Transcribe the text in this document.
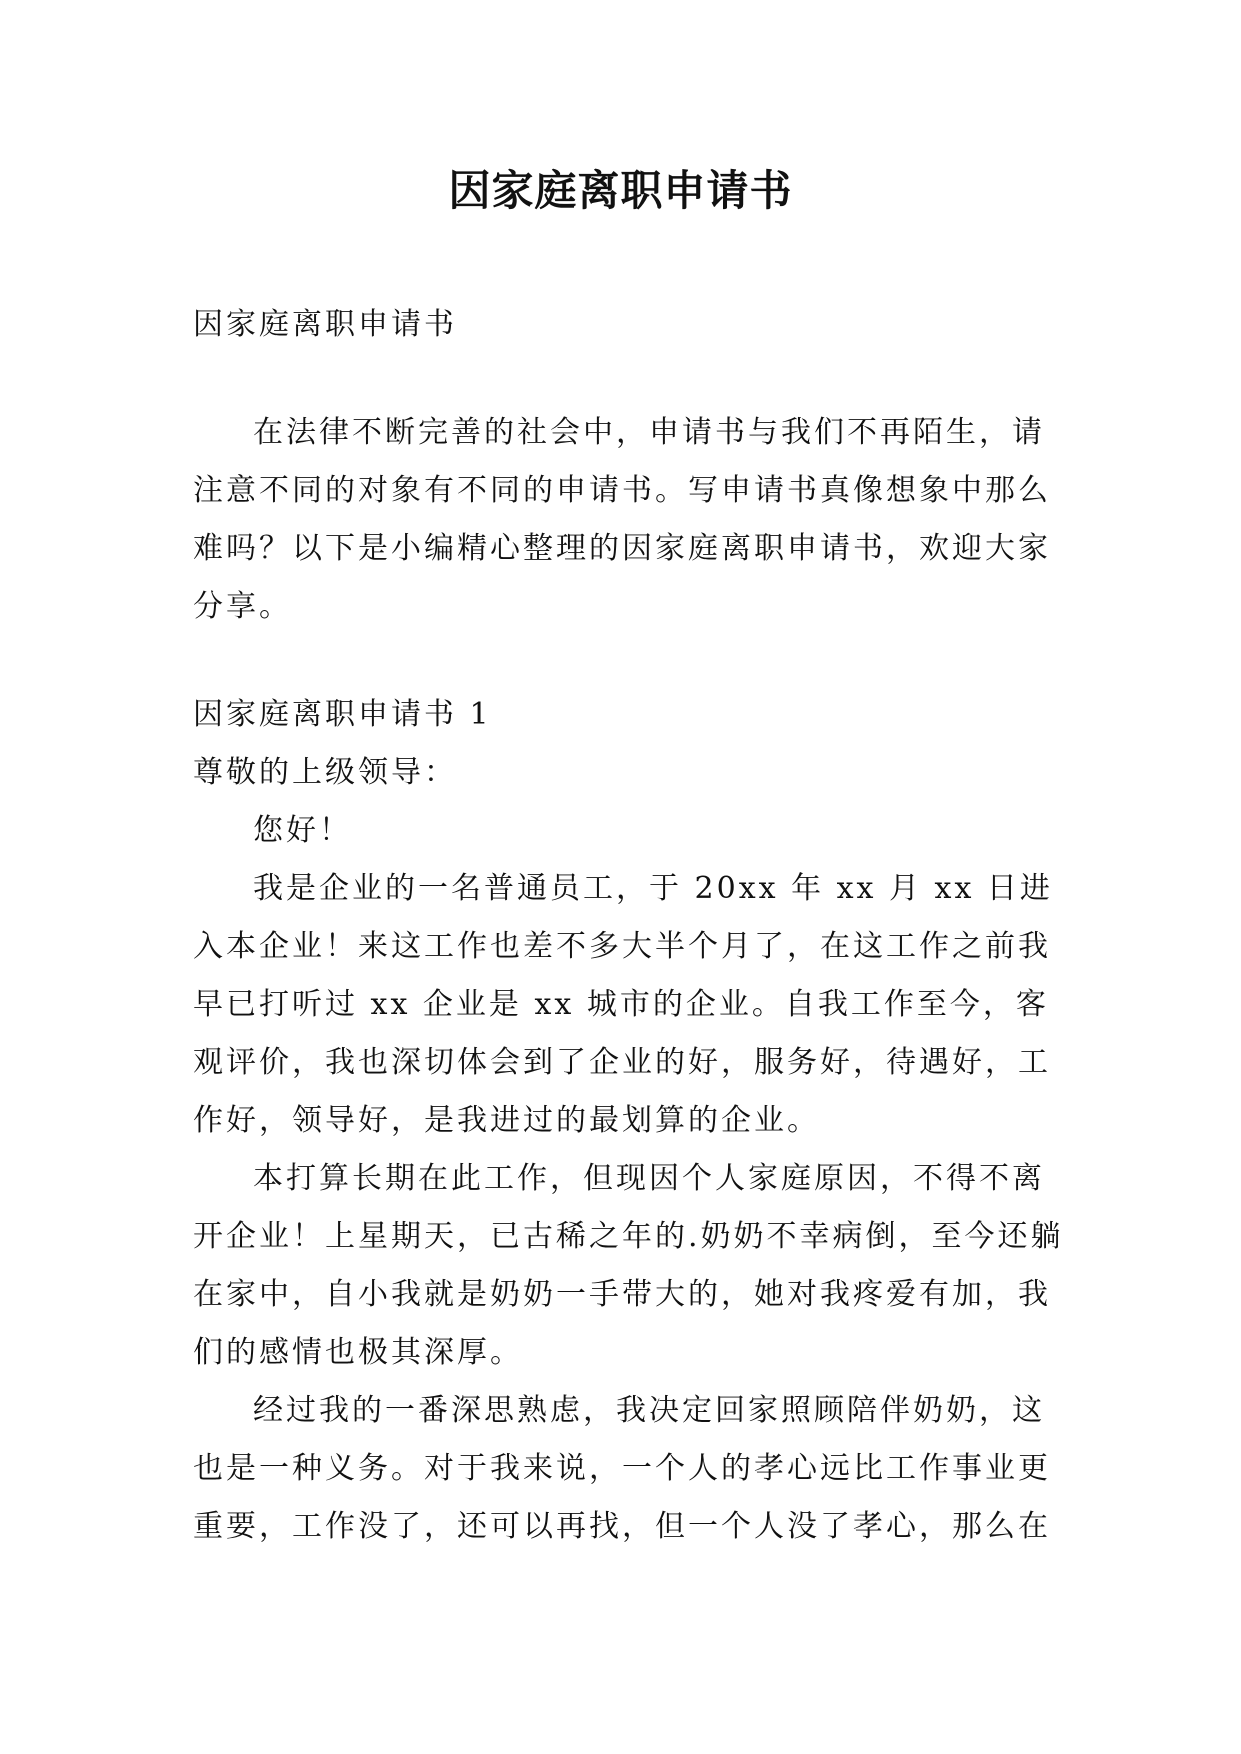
因家庭离职申请书

因家庭离职申请书

在法律不断完善的社会中，申请书与我们不再陌生，请注意不同的对象有不同的申请书。写申请书真像想象中那么难吗？以下是小编精心整理的因家庭离职申请书，欢迎大家分享。

因家庭离职申请书 1

尊敬的上级领导：

您好！

我是企业的一名普通员工，于 20xx 年 xx 月 xx 日进入本企业！来这工作也差不多大半个月了，在这工作之前我早已打听过 xx 企业是 xx 城市的企业。自我工作至今，客观评价，我也深切体会到了企业的好，服务好，待遇好，工作好，领导好，是我进过的最划算的企业。

本打算长期在此工作，但现因个人家庭原因，不得不离开企业！上星期天，已古稀之年的.奶奶不幸病倒，至今还躺在家中，自小我就是奶奶一手带大的，她对我疼爱有加，我们的感情也极其深厚。

经过我的一番深思熟虑，我决定回家照顾陪伴奶奶，这也是一种义务。对于我来说，一个人的孝心远比工作事业更重要，工作没了，还可以再找，但一个人没了孝心，那么在
